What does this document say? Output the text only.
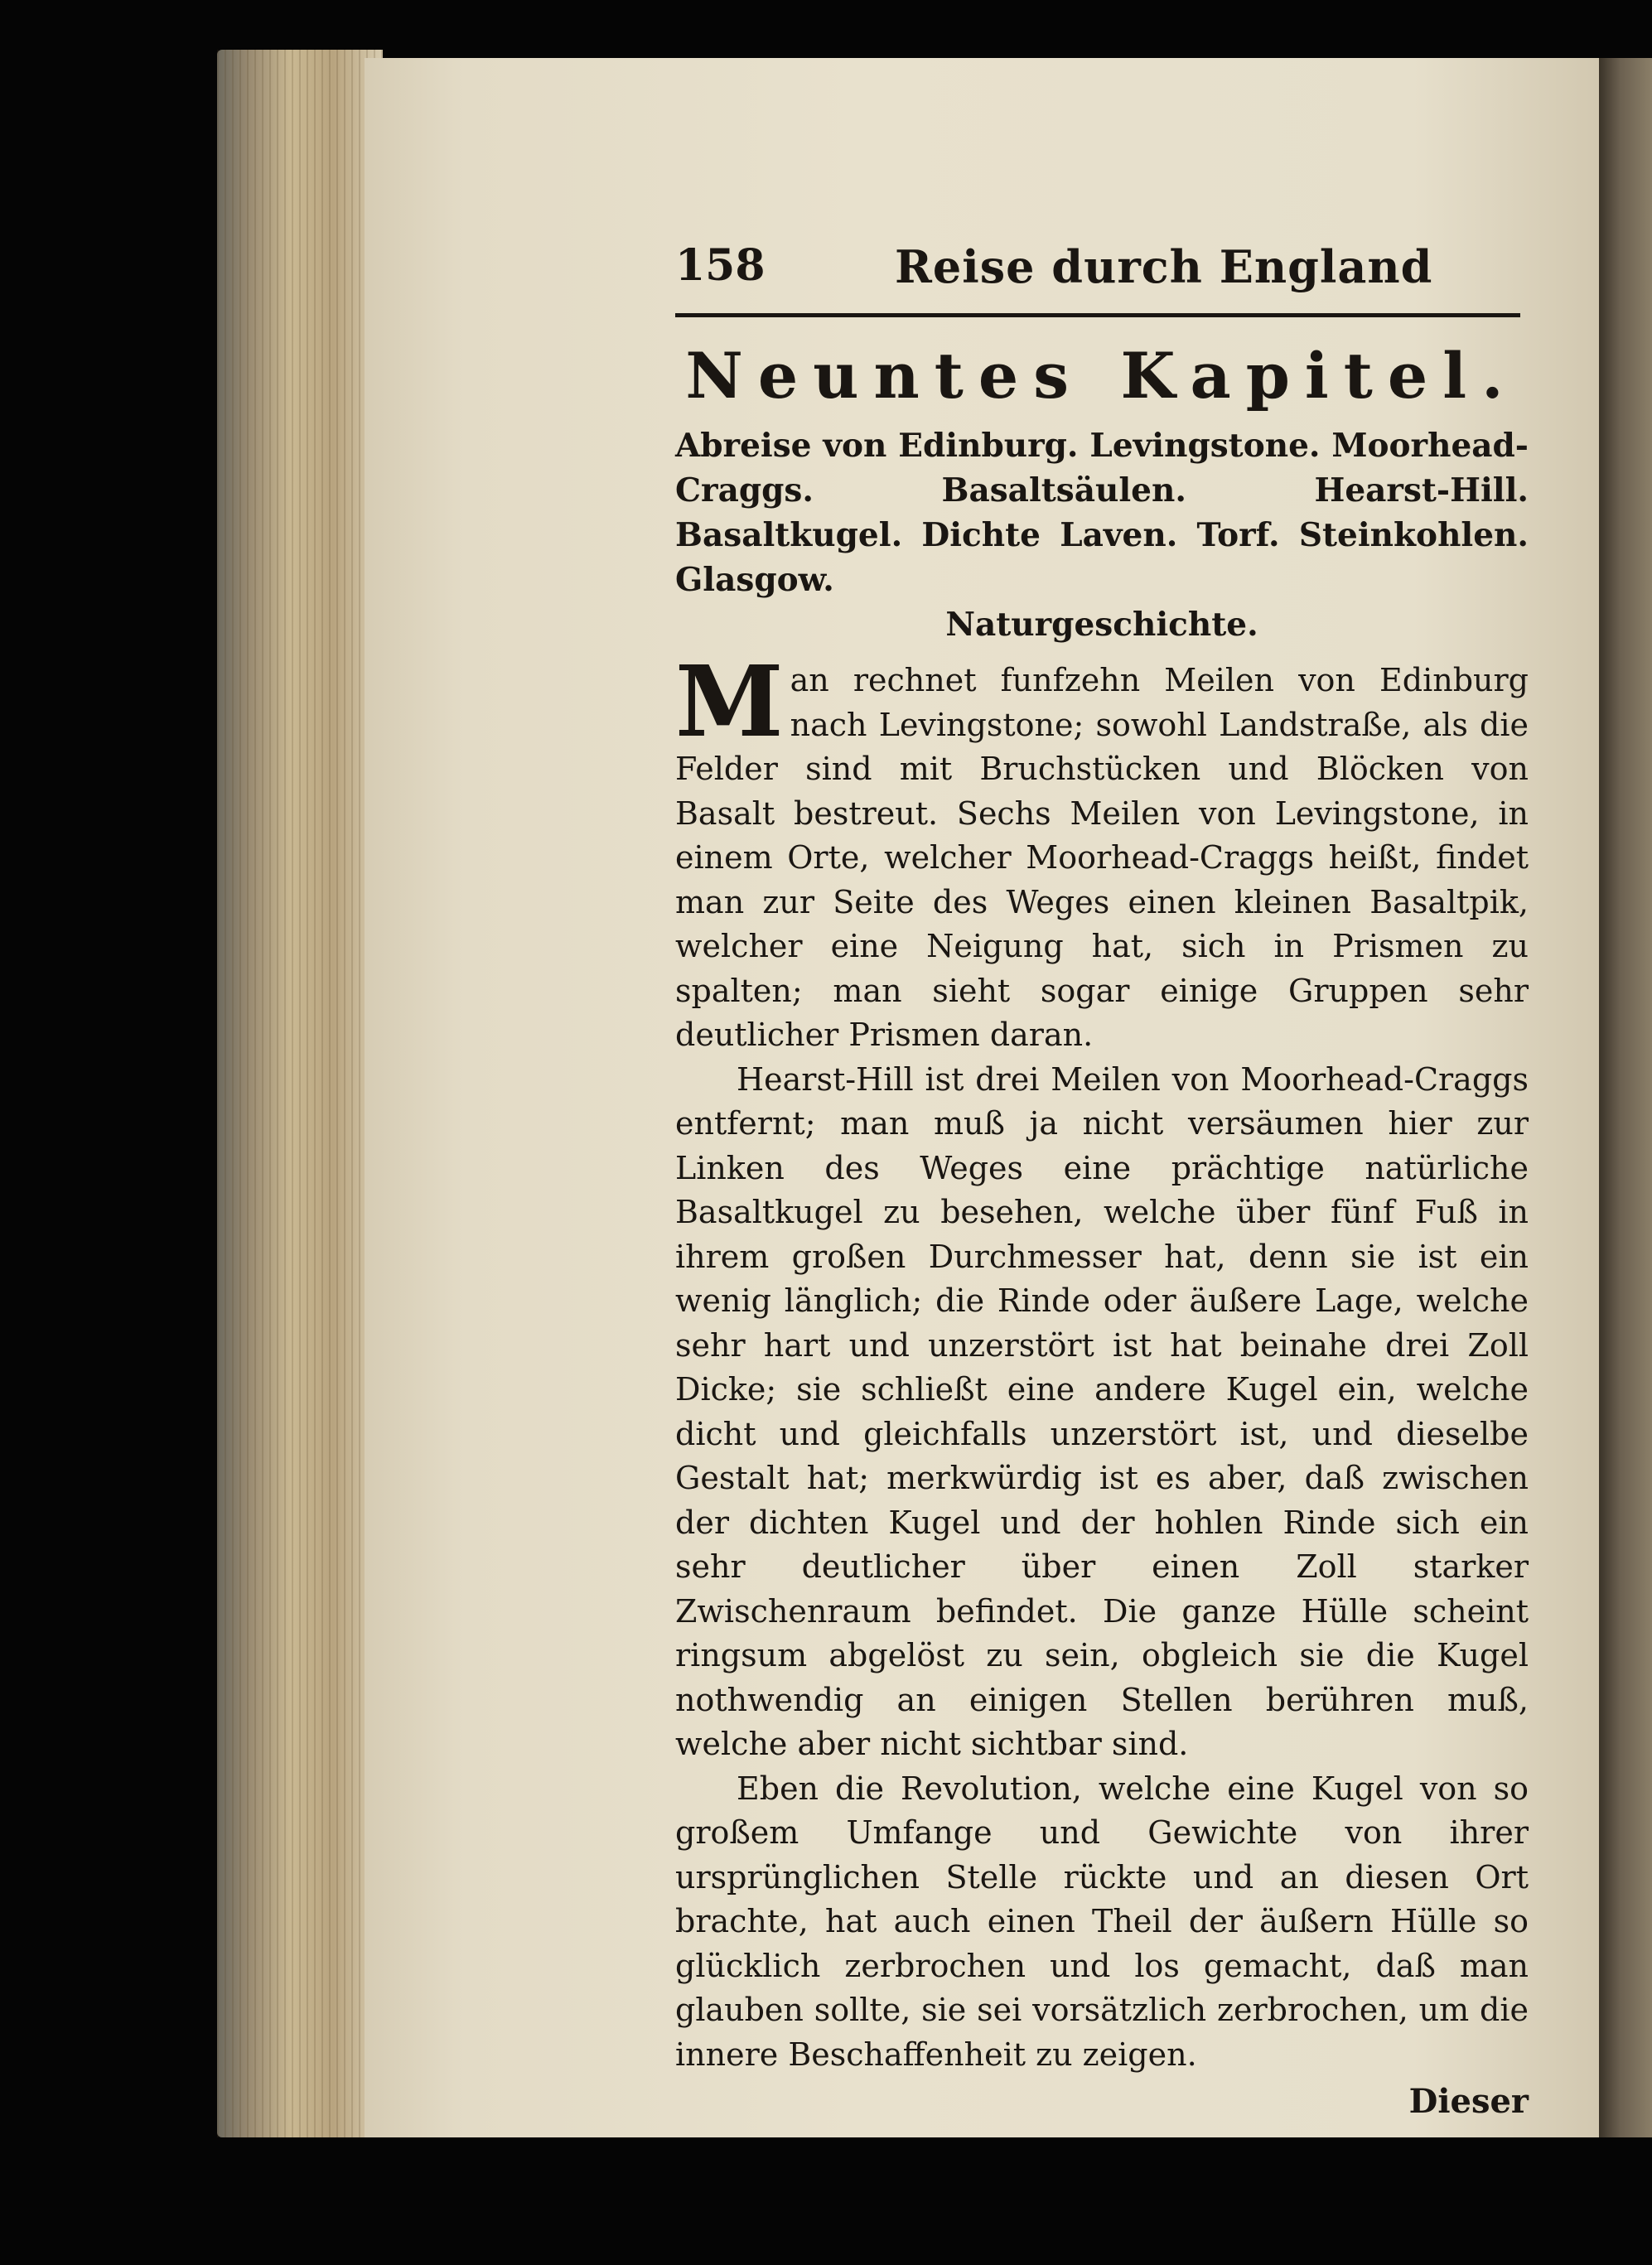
158	Reise durch England
Neuntes Kapitel.
Abreise von Edinburg. Levingstone. Moorhead-Craggs. Basaltsäulen. Hearst-Hill. Basaltkugel. Dichte Laven. Torf. Steinkohlen. Glasgow.
Naturgeschichte.

Man rechnet funfzehn Meilen von Edinburg nach Levingstone; sowohl Landstraße, als die Felder sind mit Bruchstücken und Blöcken von Basalt bestreut. Sechs Meilen von Levingstone, in einem Orte, welcher Moorhead-Craggs heißt, findet man zur Seite des Weges einen kleinen Basaltpik, welcher eine Neigung hat, sich in Prismen zu spalten; man sieht sogar einige Gruppen sehr deutlicher Prismen daran.

Hearst-Hill ist drei Meilen von Moorhead-Craggs entfernt; man muß ja nicht versäumen hier zur Linken des Weges eine prächtige natürliche Basaltkugel zu besehen, welche über fünf Fuß in ihrem großen Durchmesser hat, denn sie ist ein wenig länglich; die Rinde oder äußere Lage, welche sehr hart und unzerstört ist hat beinahe drei Zoll Dicke; sie schließt eine andere Kugel ein, welche dicht und gleichfalls unzerstört ist, und dieselbe Gestalt hat; merkwürdig ist es aber, daß zwischen der dichten Kugel und der hohlen Rinde sich ein sehr deutlicher über einen Zoll starker Zwischenraum befindet. Die ganze Hülle scheint ringsum abgelöst zu sein, obgleich sie die Kugel nothwendig an einigen Stellen berühren muß, welche aber nicht sichtbar sind.

Eben die Revolution, welche eine Kugel von so großem Umfange und Gewichte von ihrer ursprünglichen Stelle rückte und an diesen Ort brachte, hat auch einen Theil der äußern Hülle so glücklich zerbrochen und los gemacht, daß man glauben sollte, sie sei vorsätzlich zerbrochen, um die innere Beschaffenheit zu zeigen.

Dieser
